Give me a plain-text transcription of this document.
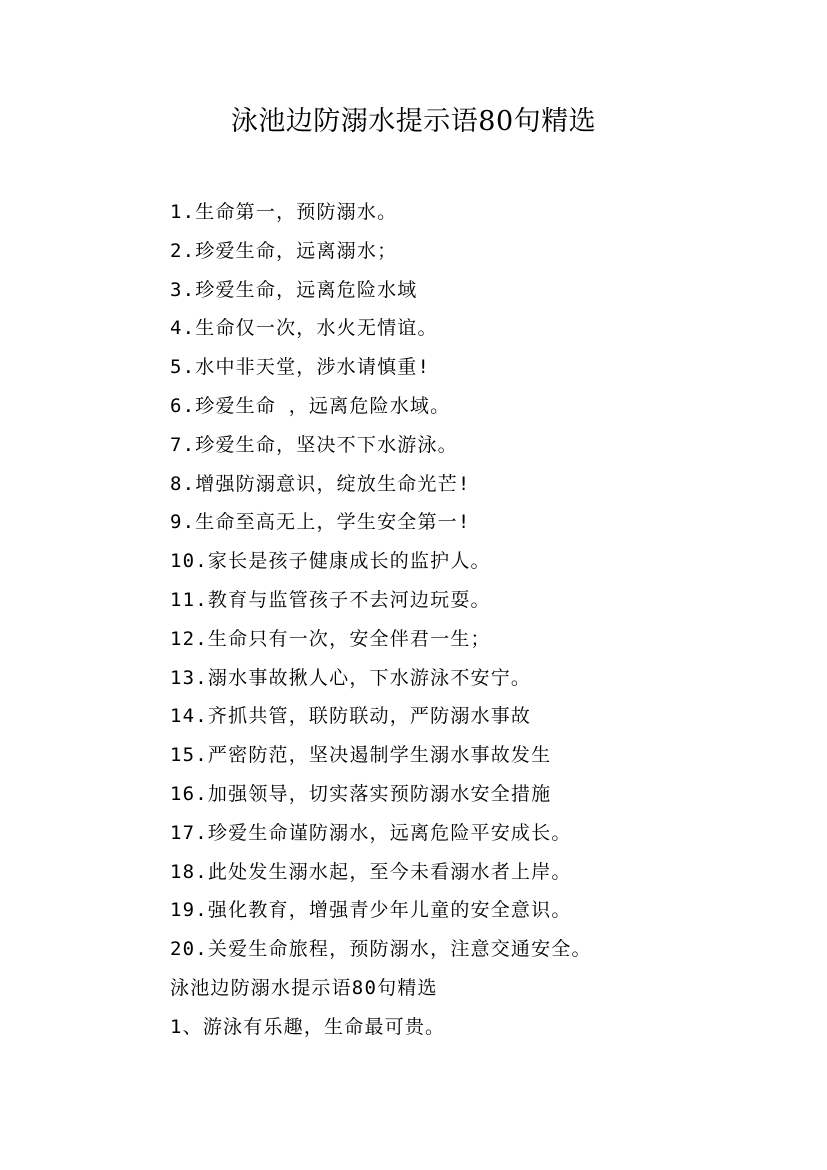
泳池边防溺水提示语80句精选
1.生命第一，预防溺水。
2.珍爱生命，远离溺水；
3.珍爱生命，远离危险水域
4.生命仅一次，水火无情谊。
5.水中非天堂，涉水请慎重!
6.珍爱生命 ，远离危险水域。
7.珍爱生命，坚决不下水游泳。
8.增强防溺意识，绽放生命光芒!
9.生命至高无上，学生安全第一!
10.家长是孩子健康成长的监护人。
11.教育与监管孩子不去河边玩耍。
12.生命只有一次，安全伴君一生；
13.溺水事故揪人心，下水游泳不安宁。
14.齐抓共管，联防联动，严防溺水事故
15.严密防范，坚决遏制学生溺水事故发生
16.加强领导，切实落实预防溺水安全措施
17.珍爱生命谨防溺水，远离危险平安成长。
18.此处发生溺水起，至今未看溺水者上岸。
19.强化教育，增强青少年儿童的安全意识。
20.关爱生命旅程，预防溺水，注意交通安全。
泳池边防溺水提示语80句精选
1、游泳有乐趣，生命最可贵。
